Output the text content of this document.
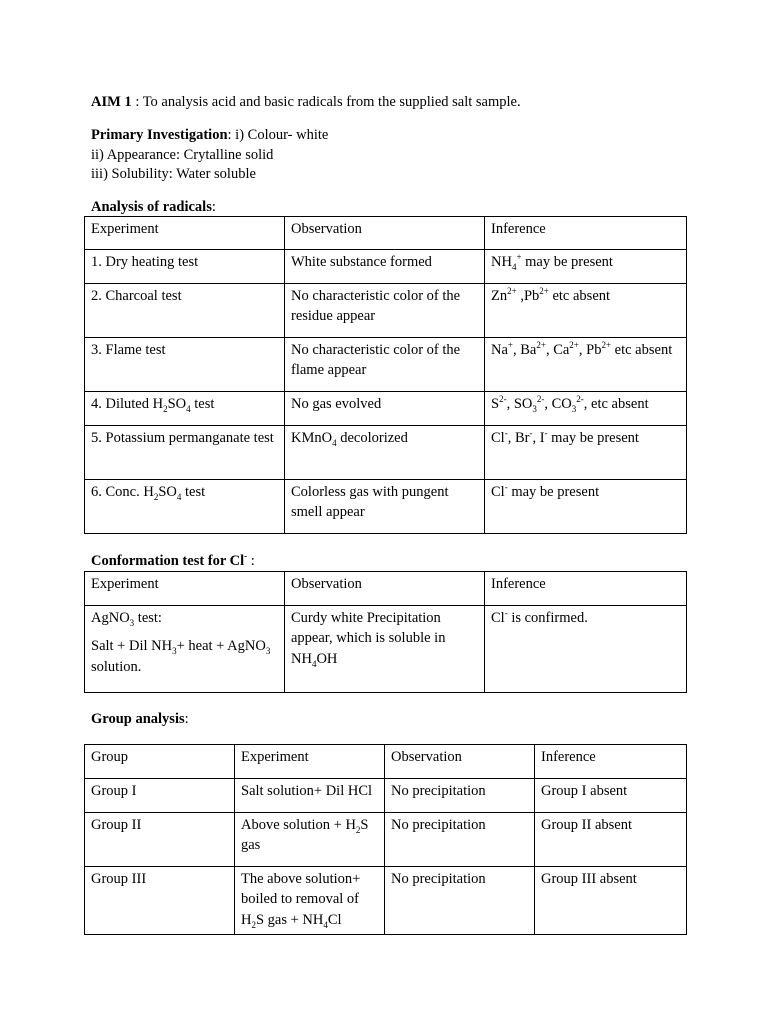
AIM 1 : To analysis acid and basic radicals from the supplied salt sample.
Primary Investigation: i) Colour- white
ii) Appearance: Crytalline solid
iii) Solubility: Water soluble
Analysis of radicals:
Experiment	Observation	Inference
1. Dry heating test	White substance formed	$NH_4^+$ may be present
2. Charcoal test	No characteristic color of the residue appear	$Zn^{2+}$ $,Pb^{2+}$ etc absent
3. Flame test	No characteristic color of the flame appear	Na+, $Ba^{2+}$, $Ca^{2+}$, $Pb^{2+}$ etc absent
4. Diluted $H_2SO_4$ test	No gas evolved	$S^{2-}$, $SO_3^{2-}$, $CO_3^{2-}$, etc absent
5. Potassium permanganate test	KMnO$_4$ decolorized	Cl-, Br-, I- may be present
6. Conc. $H_2SO_4$ test	Colorless gas with pungent smell appear	Cl- may be present
Conformation test for Cl- :
Experiment	Observation	Inference

AgNO$_3$ test:
Salt + Dil $NH_3+$ heat + AgNO$_3$ solution.	Curdy white Precipitation appear, which is soluble in $NH_4OH$	Cl- is confirmed.
Group analysis:
Group	Experiment	Observation	Inference
Group I	Salt solution+ Dil HCl	No precipitation	Group I absent
Group II	Above solution + $H_2S$ gas	No precipitation	Group II absent
Group III	The above solution+ boiled to removal of $H_2S$ gas + $NH_4Cl$	No precipitation	Group III absent
